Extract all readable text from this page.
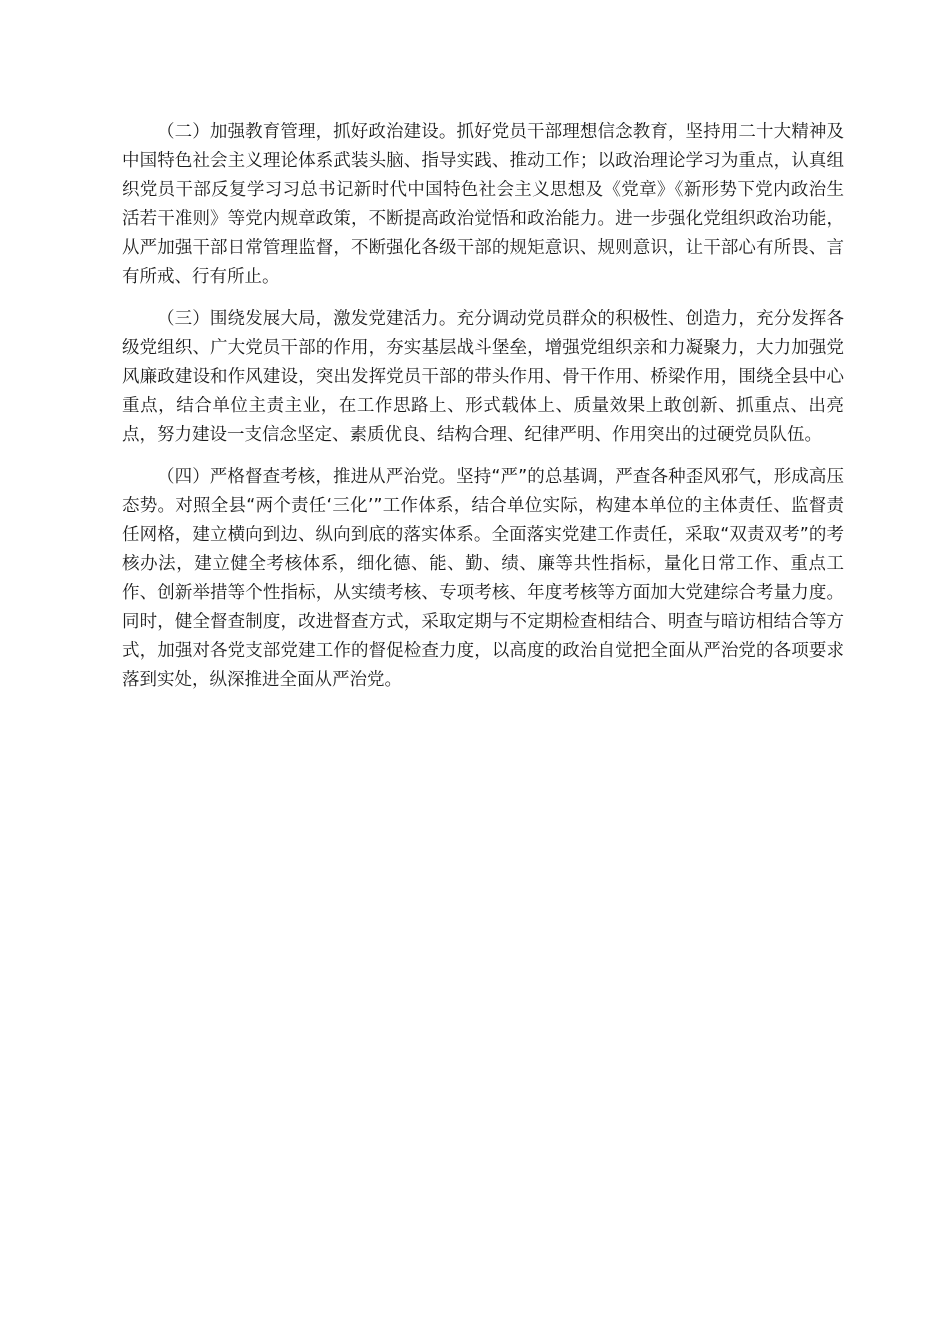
（二）加强教育管理，抓好政治建设。抓好党员干部理想信念教育，坚持用二十大精神及中国特色社会主义理论体系武装头脑、指导实践、推动工作；以政治理论学习为重点，认真组织党员干部反复学习习总书记新时代中国特色社会主义思想及《党章》《新形势下党内政治生活若干准则》等党内规章政策，不断提高政治觉悟和政治能力。进一步强化党组织政治功能，从严加强干部日常管理监督，不断强化各级干部的规矩意识、规则意识，让干部心有所畏、言有所戒、行有所止。

（三）围绕发展大局，激发党建活力。充分调动党员群众的积极性、创造力，充分发挥各级党组织、广大党员干部的作用，夯实基层战斗堡垒，增强党组织亲和力凝聚力，大力加强党风廉政建设和作风建设，突出发挥党员干部的带头作用、骨干作用、桥梁作用，围绕全县中心重点，结合单位主责主业，在工作思路上、形式载体上、质量效果上敢创新、抓重点、出亮点，努力建设一支信念坚定、素质优良、结构合理、纪律严明、作用突出的过硬党员队伍。

（四）严格督查考核，推进从严治党。坚持“严”的总基调，严查各种歪风邪气，形成高压态势。对照全县“两个责任‘三化’”工作体系，结合单位实际，构建本单位的主体责任、监督责任网格，建立横向到边、纵向到底的落实体系。全面落实党建工作责任，采取“双责双考”的考核办法，建立健全考核体系，细化德、能、勤、绩、廉等共性指标，量化日常工作、重点工作、创新举措等个性指标，从实绩考核、专项考核、年度考核等方面加大党建综合考量力度。同时，健全督查制度，改进督查方式，采取定期与不定期检查相结合、明查与暗访相结合等方式，加强对各党支部党建工作的督促检查力度，以高度的政治自觉把全面从严治党的各项要求落到实处，纵深推进全面从严治党。
